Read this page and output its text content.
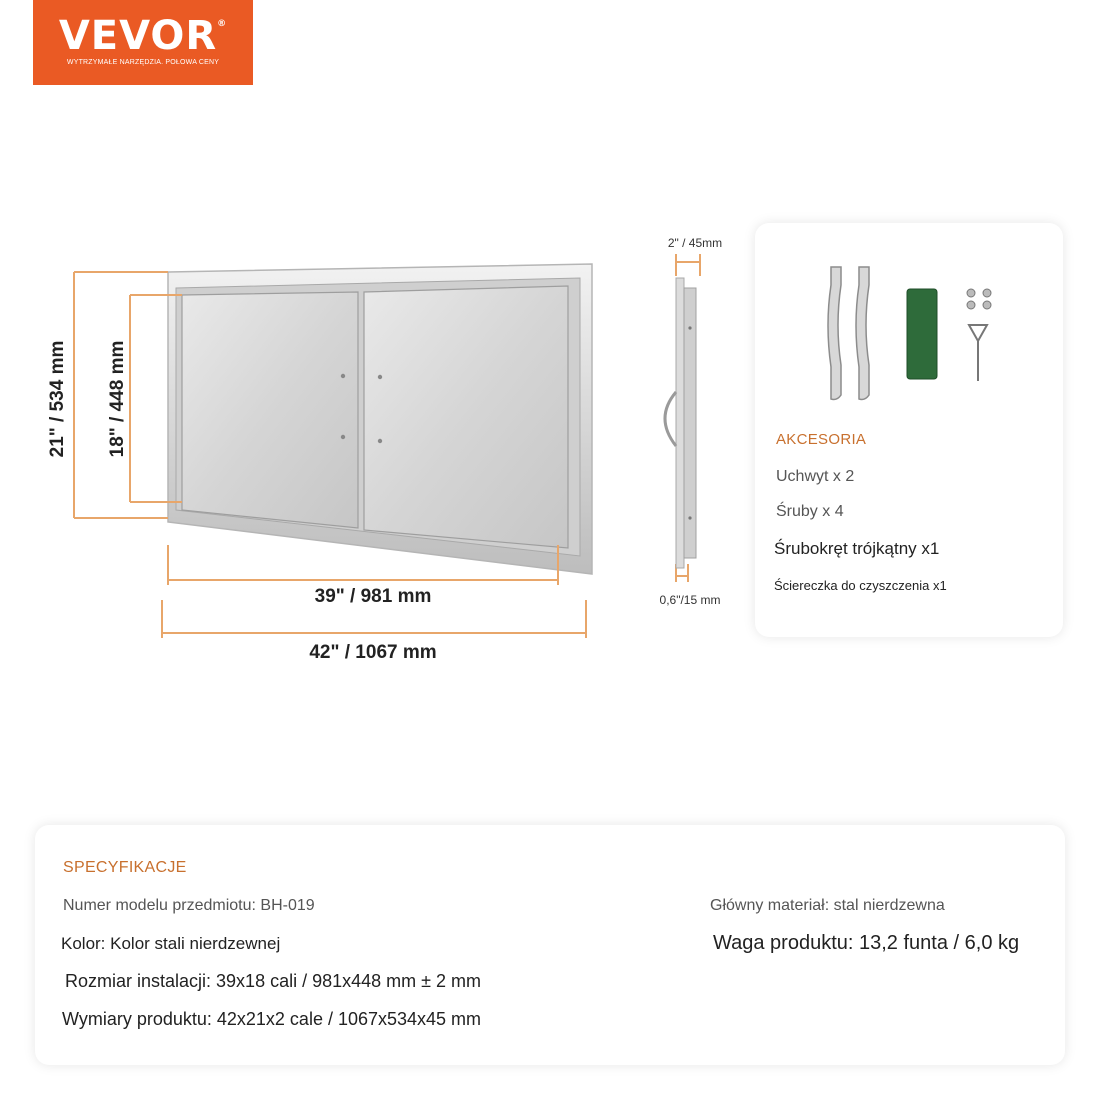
VEVOR®
WYTRZYMAŁE NARZĘDZIA. POŁOWA CENY
21" / 534 mm 18" / 448 mm
39" / 981 mm
42" / 1067 mm
2" / 45mm
0,6"/15 mm
AKCESORIA
Uchwyt x 2
Śruby x 4
Śrubokręt trójkątny x1
Ściereczka do czyszczenia x1
SPECYFIKACJE
Numer modelu przedmiotu: BH-019
Kolor: Kolor stali nierdzewnej
Rozmiar instalacji: 39x18 cali / 981x448 mm ± 2 mm
Wymiary produktu: 42x21x2 cale / 1067x534x45 mm
Główny materiał: stal nierdzewna
Waga produktu: 13,2 funta / 6,0 kg
